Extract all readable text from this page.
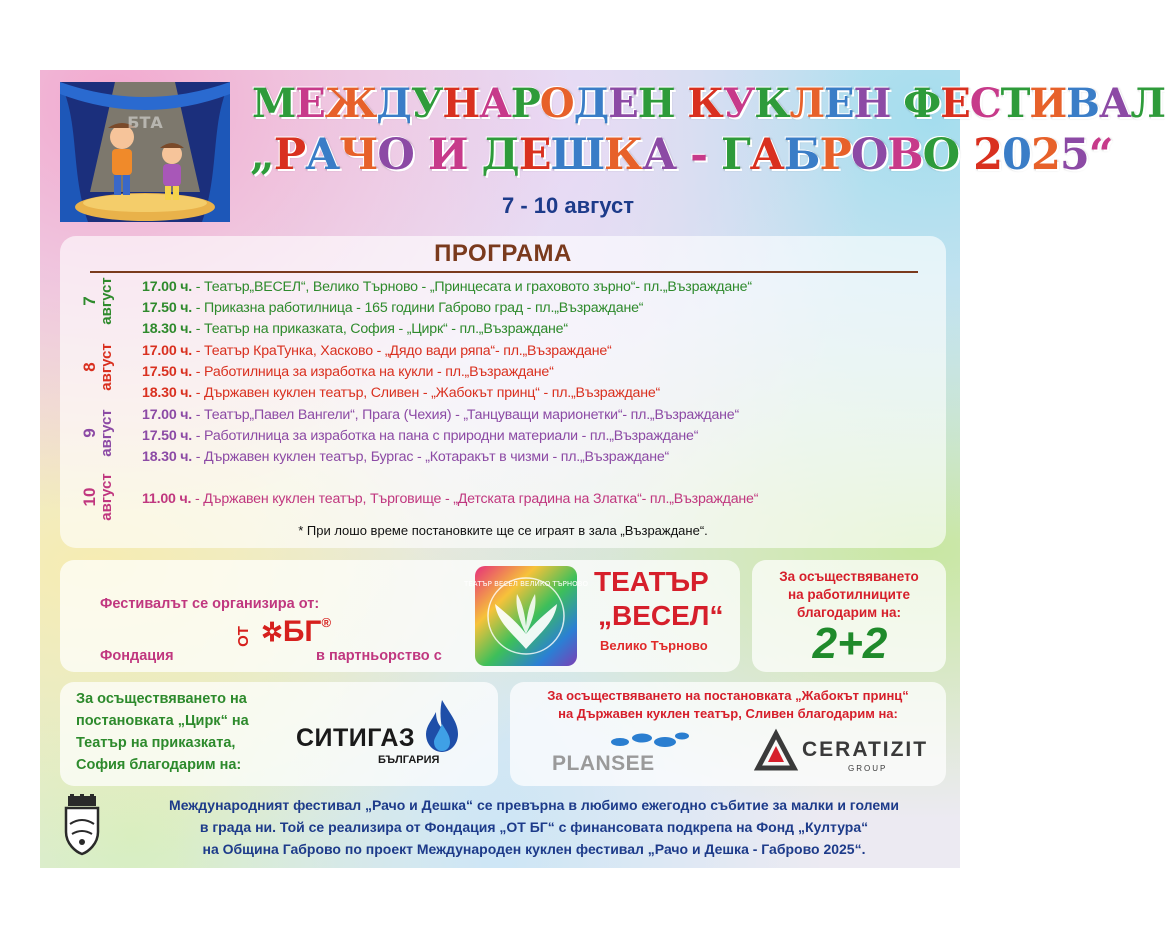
БТА МЕЖДУНАРОДЕН КУКЛЕН ФЕСТИВАЛ
„РАЧО И ДЕШКА - ГАБРОВО 2025“
7 - 10 август
ПРОГРАМА
7 август
8 август
9 август
10 август
17.00 ч. - Театър„ВЕСЕЛ“, Велико Търново - „Принцесата и граховото зърно“- пл.„Възраждане“
17.50 ч. - Приказна работилница - 165 години Габрово град - пл.„Възраждане“
18.30 ч. - Театър на приказката, София - „Цирк“ - пл.„Възраждане“
17.00 ч. - Театър КраТунка, Хасково - „Дядо вади ряпа“- пл.„Възраждане“
17.50 ч. - Работилница за изработка на кукли - пл.„Възраждане“
18.30 ч. - Държавен куклен театър, Сливен - „Жабокът принц“ - пл.„Възраждане“
17.00 ч. - Театър„Павел Вангели“, Прага (Чехия) - „Танцуващи марионетки“- пл.„Възраждане“
17.50 ч. - Работилница за изработка на пана с природни материали - пл.„Възраждане“
18.30 ч. - Държавен куклен театър, Бургас - „Котаракът в чизми - пл.„Възраждане“
11.00 ч. - Държавен куклен театър, Търговище - „Детската градина на Златка“- пл.„Възраждане“
* При лошо време постановките ще се играят в зала „Възраждане“.
Фестивалът се организира от:
Фондация
ОТ ✲БГ®
в партньорство с
ТЕАТЪР ВЕСЕЛ ВЕЛИКО ТЪРНОВО ТЕАТЪР
„ВЕСЕЛ“
Велико Търново
За осъществяването
на работилниците
благодарим на:
2+2
За осъществяването на
постановката „Цирк“ на
Театър на приказката,
София благодарим на:
СИТИГАЗ
БЪЛГАРИЯ
За осъществяването на постановката „Жабокът принц“
на Държавен куклен театър, Сливен благодарим на:
PLANSEE
CERATIZIT
GROUP
Международният фестивал „Рачо и Дешка“ се превърна в любимо ежегодно събитие за малки и големи
в града ни. Той се реализира от Фондация „ОТ БГ“ с финансовата подкрепа на Фонд „Култура“
на Община Габрово по проект Международен куклен фестивал „Рачо и Дешка - Габрово 2025“.
